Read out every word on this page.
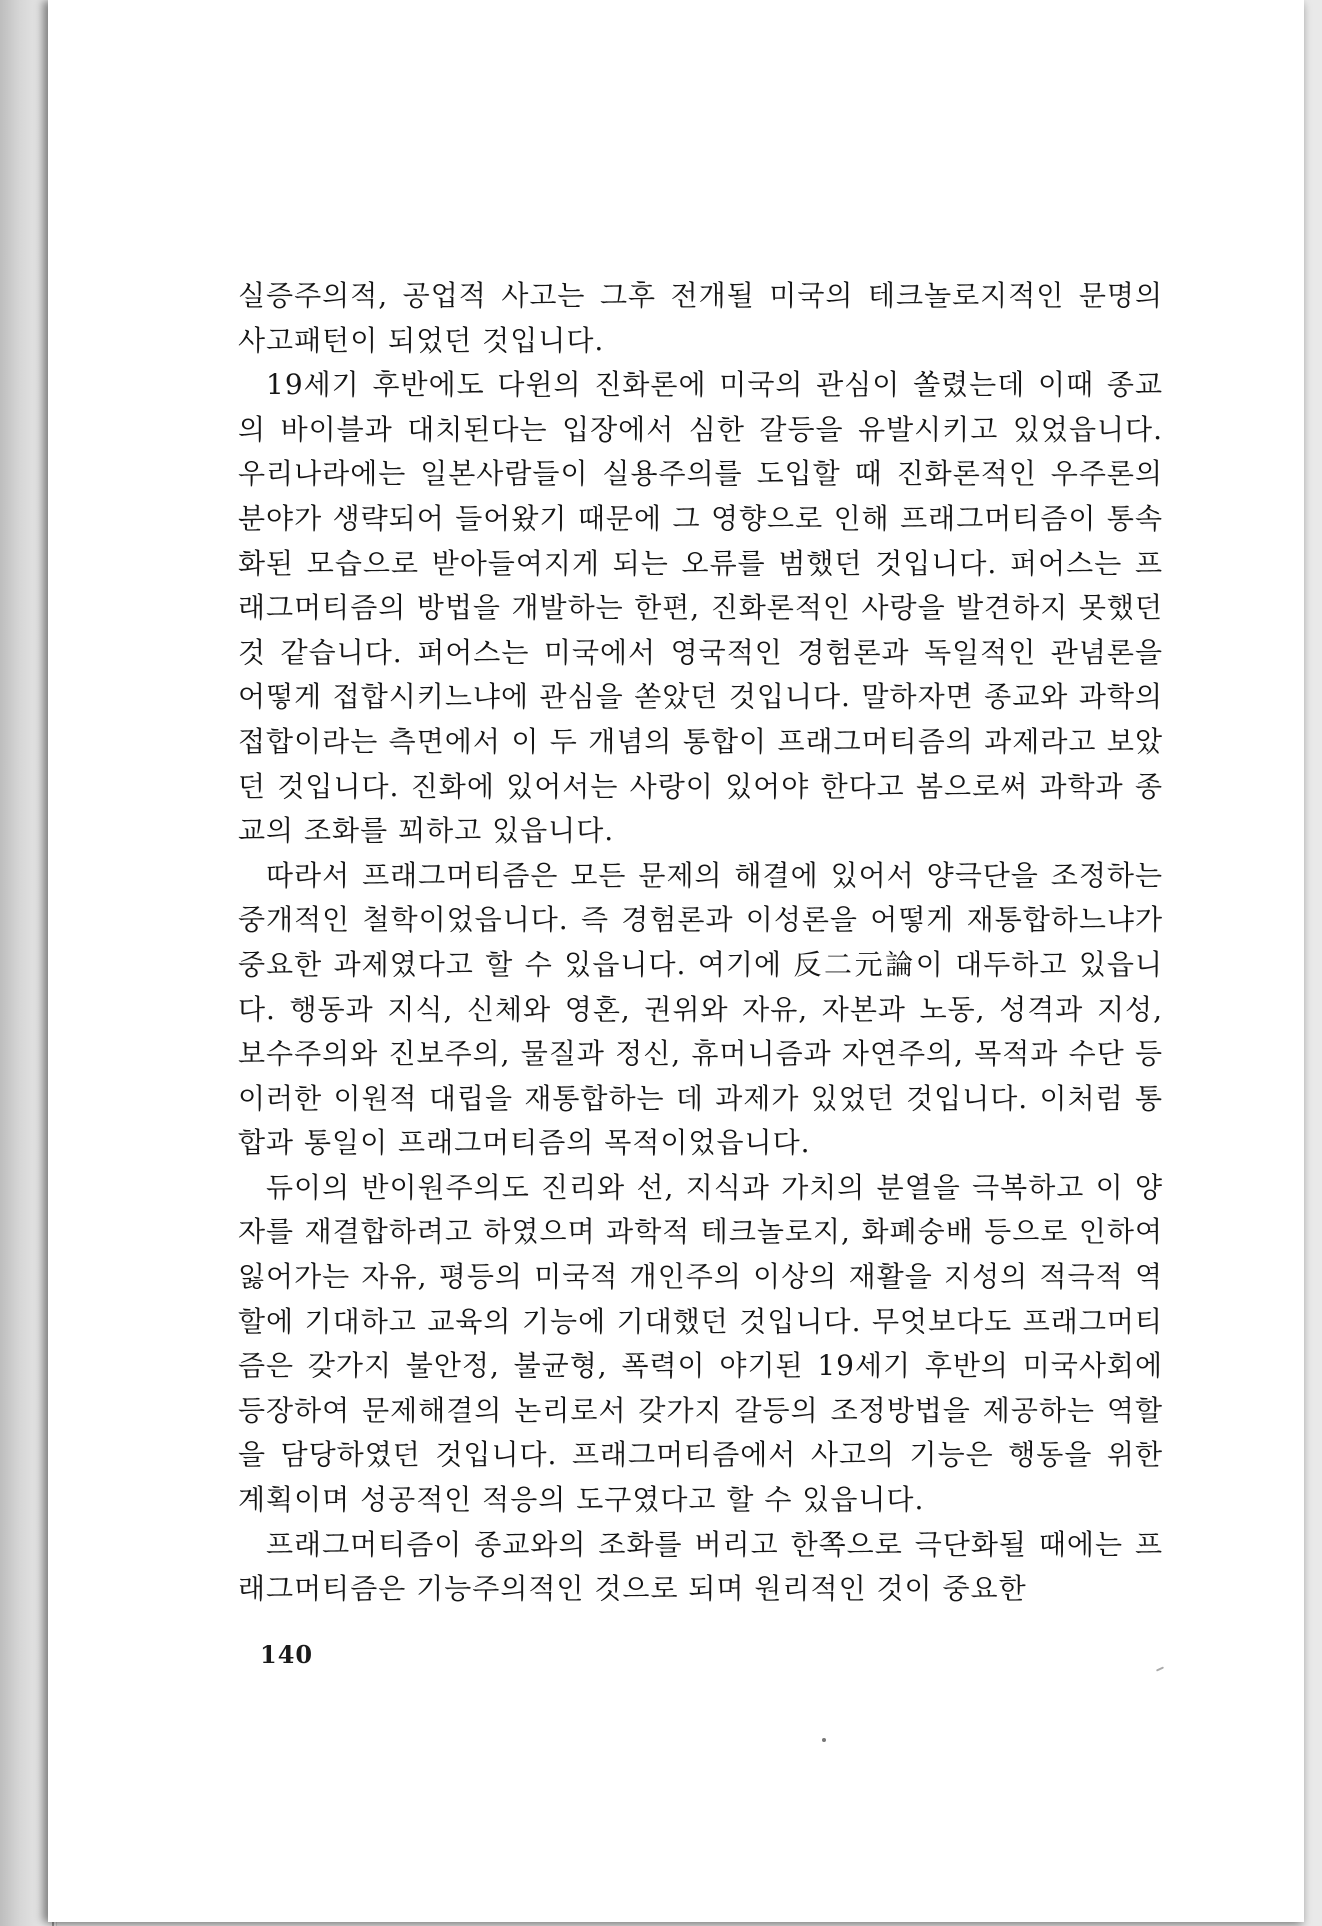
실증주의적, 공업적 사고는 그후 전개될 미국의 테크놀로지적인 문명의 사고패턴이 되었던 것입니다.

19세기 후반에도 다윈의 진화론에 미국의 관심이 쏠렸는데 이때 종교의 바이블과 대치된다는 입장에서 심한 갈등을 유발시키고 있었읍니다. 우리나라에는 일본사람들이 실용주의를 도입할 때 진화론적인 우주론의 분야가 생략되어 들어왔기 때문에 그 영향으로 인해 프래그머티즘이 통속화된 모습으로 받아들여지게 되는 오류를 범했던 것입니다. 퍼어스는 프래그머티즘의 방법을 개발하는 한편, 진화론적인 사랑을 발견하지 못했던 것 같습니다. 퍼어스는 미국에서 영국적인 경험론과 독일적인 관념론을 어떻게 접합시키느냐에 관심을 쏟았던 것입니다. 말하자면 종교와 과학의 접합이라는 측면에서 이 두 개념의 통합이 프래그머티즘의 과제라고 보았던 것입니다. 진화에 있어서는 사랑이 있어야 한다고 봄으로써 과학과 종교의 조화를 꾀하고 있읍니다.

따라서 프래그머티즘은 모든 문제의 해결에 있어서 양극단을 조정하는 중개적인 철학이었읍니다. 즉 경험론과 이성론을 어떻게 재통합하느냐가 중요한 과제였다고 할 수 있읍니다. 여기에 反二元論이 대두하고 있읍니다. 행동과 지식, 신체와 영혼, 권위와 자유, 자본과 노동, 성격과 지성, 보수주의와 진보주의, 물질과 정신, 휴머니즘과 자연주의, 목적과 수단 등 이러한 이원적 대립을 재통합하는 데 과제가 있었던 것입니다. 이처럼 통합과 통일이 프래그머티즘의 목적이었읍니다.

듀이의 반이원주의도 진리와 선, 지식과 가치의 분열을 극복하고 이 양자를 재결합하려고 하였으며 과학적 테크놀로지, 화폐숭배 등으로 인하여 잃어가는 자유, 평등의 미국적 개인주의 이상의 재활을 지성의 적극적 역할에 기대하고 교육의 기능에 기대했던 것입니다. 무엇보다도 프래그머티즘은 갖가지 불안정, 불균형, 폭력이 야기된 19세기 후반의 미국사회에 등장하여 문제해결의 논리로서 갖가지 갈등의 조정방법을 제공하는 역할을 담당하였던 것입니다. 프래그머티즘에서 사고의 기능은 행동을 위한 계획이며 성공적인 적응의 도구였다고 할 수 있읍니다.

프래그머티즘이 종교와의 조화를 버리고 한쪽으로 극단화될 때에는 프래그머티즘은 기능주의적인 것으로 되며 원리적인 것이 중요한

140
